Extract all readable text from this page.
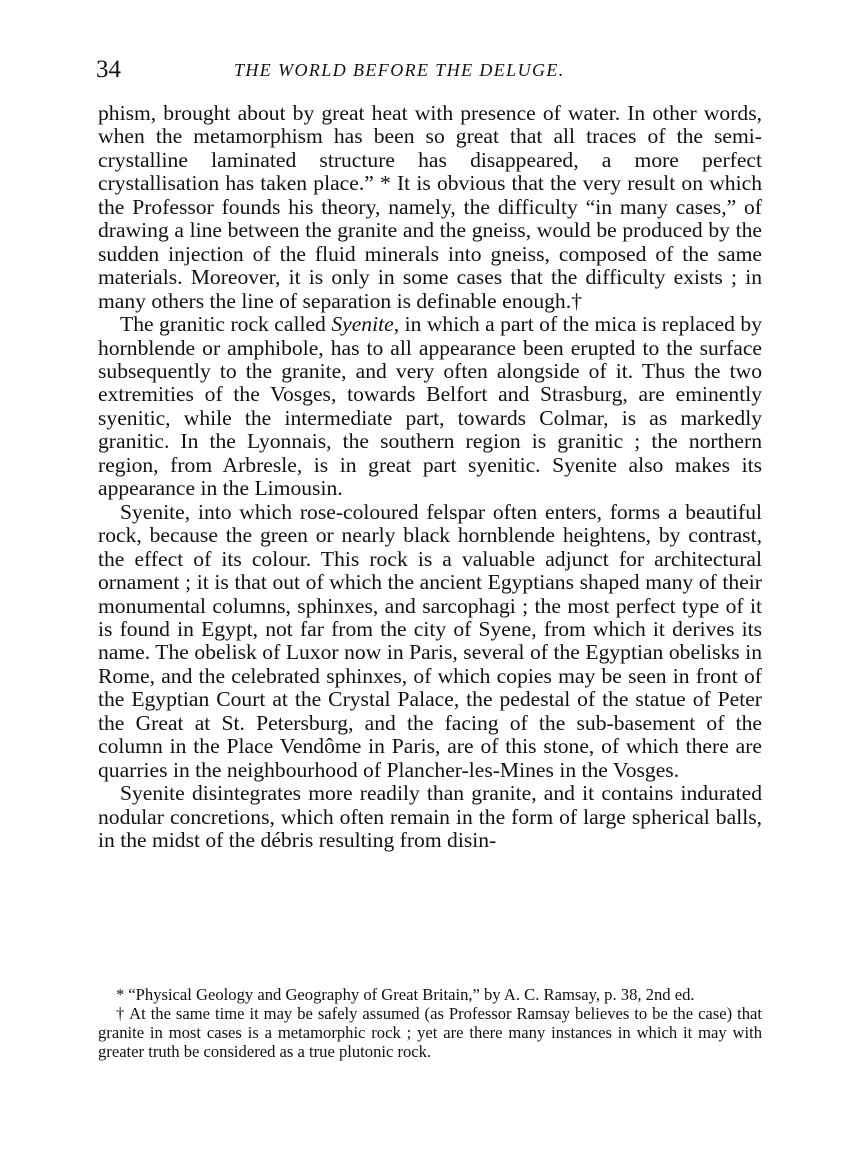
34	THE WORLD BEFORE THE DELUGE.

phism, brought about by great heat with presence of water. In other words, when the metamorphism has been so great that all traces of the semi-crystalline laminated structure has disappeared, a more perfect crystallisation has taken place.” * It is obvious that the very result on which the Professor founds his theory, namely, the difficulty “in many cases,” of drawing a line between the granite and the gneiss, would be produced by the sudden injection of the fluid minerals into gneiss, composed of the same materials. Moreover, it is only in some cases that the difficulty exists ; in many others the line of separation is definable enough.†

The granitic rock called Syenite, in which a part of the mica is replaced by hornblende or amphibole, has to all appearance been erupted to the surface subsequently to the granite, and very often alongside of it. Thus the two extremities of the Vosges, towards Belfort and Strasburg, are eminently syenitic, while the intermediate part, towards Colmar, is as markedly granitic. In the Lyonnais, the southern region is granitic ; the northern region, from Arbresle, is in great part syenitic. Syenite also makes its appearance in the Limousin.

Syenite, into which rose-coloured felspar often enters, forms a beautiful rock, because the green or nearly black hornblende heightens, by contrast, the effect of its colour. This rock is a valuable adjunct for architectural ornament ; it is that out of which the ancient Egyptians shaped many of their monumental columns, sphinxes, and sarcophagi ; the most perfect type of it is found in Egypt, not far from the city of Syene, from which it derives its name. The obelisk of Luxor now in Paris, several of the Egyptian obelisks in Rome, and the celebrated sphinxes, of which copies may be seen in front of the Egyptian Court at the Crystal Palace, the pedestal of the statue of Peter the Great at St. Petersburg, and the facing of the sub-basement of the column in the Place Vendôme in Paris, are of this stone, of which there are quarries in the neighbourhood of Plancher-les-Mines in the Vosges.

Syenite disintegrates more readily than granite, and it contains indurated nodular concretions, which often remain in the form of large spherical balls, in the midst of the débris resulting from disin-

* “Physical Geology and Geography of Great Britain,” by A. C. Ramsay, p. 38, 2nd ed.

† At the same time it may be safely assumed (as Professor Ramsay believes to be the case) that granite in most cases is a metamorphic rock ; yet are there many instances in which it may with greater truth be considered as a true plutonic rock.
